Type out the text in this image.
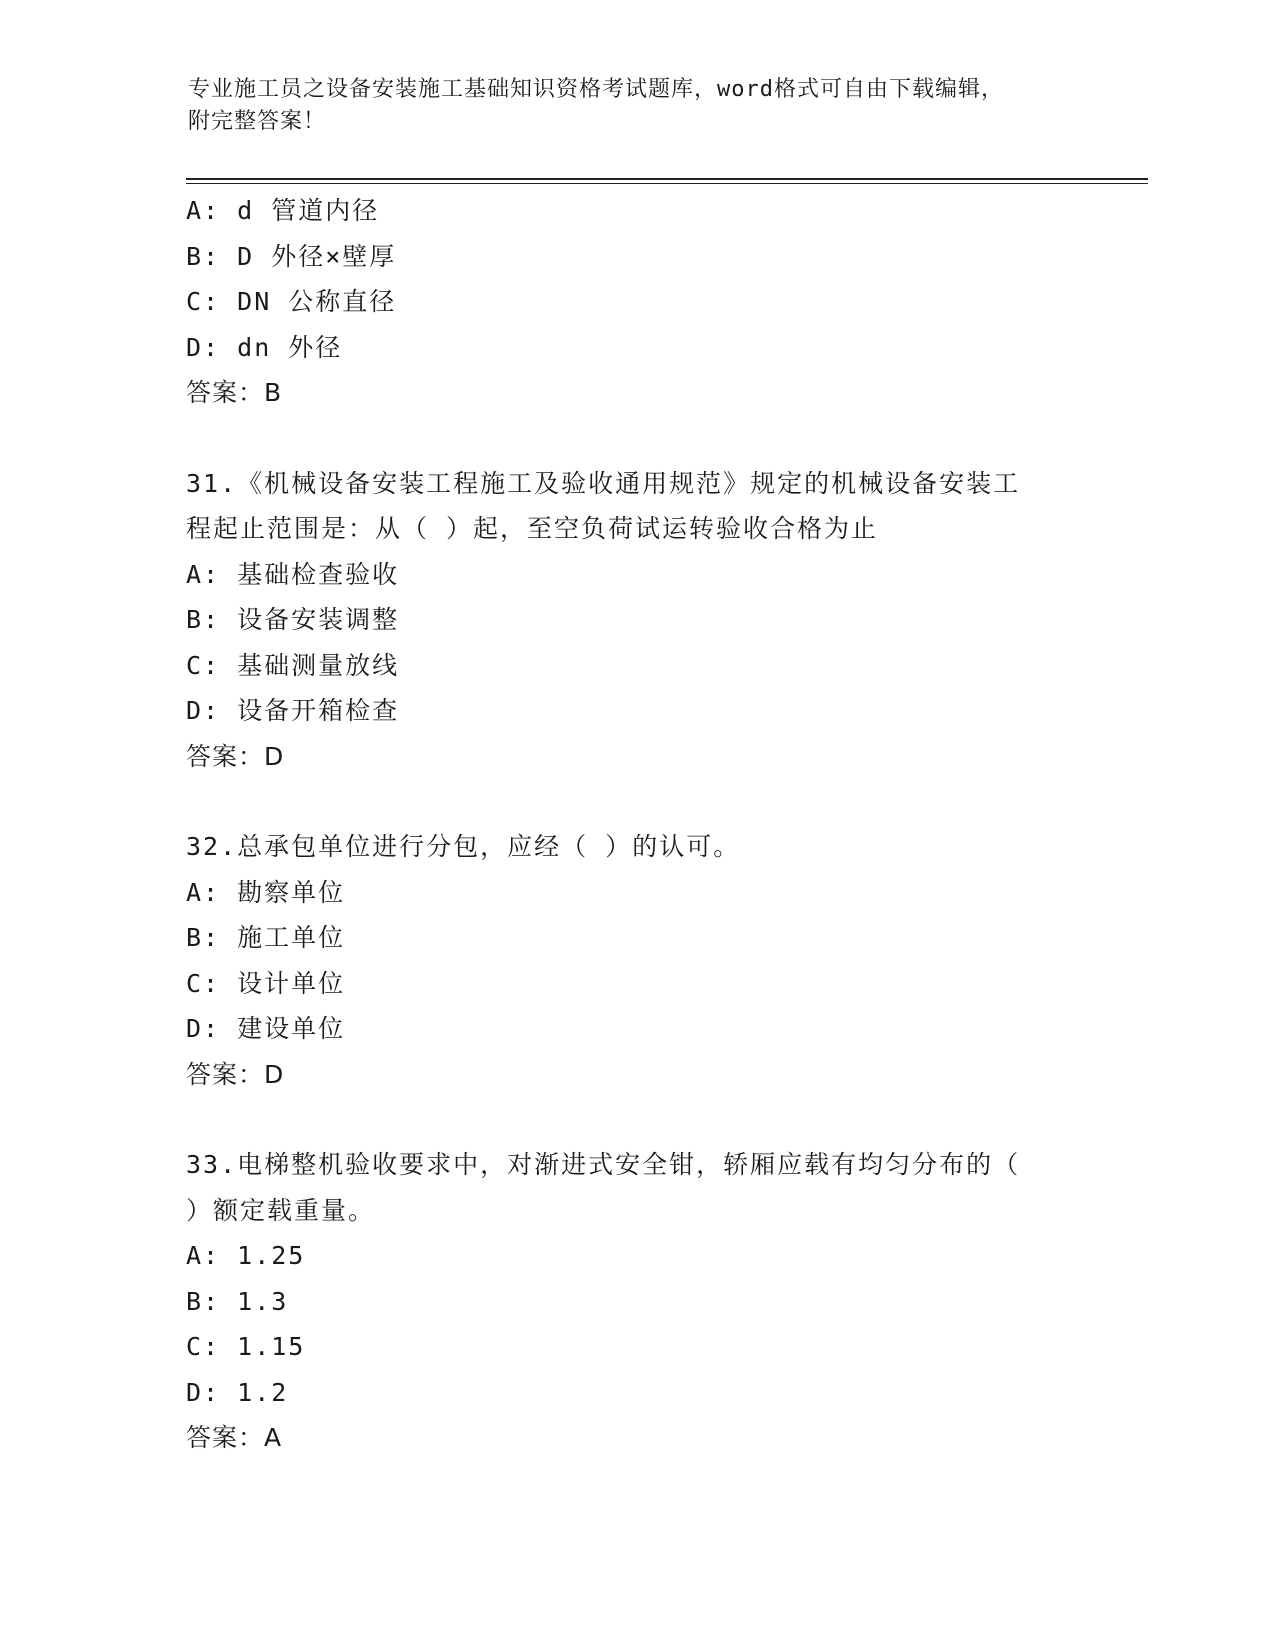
专业施工员之设备安装施工基础知识资格考试题库，word格式可自由下载编辑，
附完整答案！
A: d 管道内径
B: D 外径×壁厚
C: DN 公称直径
D: dn 外径
答案：B
31.《机械设备安装工程施工及验收通用规范》规定的机械设备安装工
程起止范围是：从（ ）起，至空负荷试运转验收合格为止
A: 基础检查验收
B: 设备安装调整
C: 基础测量放线
D: 设备开箱检查
答案：D
32.总承包单位进行分包，应经（ ）的认可。
A: 勘察单位
B: 施工单位
C: 设计单位
D: 建设单位
答案：D
33.电梯整机验收要求中，对渐进式安全钳，轿厢应载有均匀分布的（
）额定载重量。
A: 1.25
B: 1.3
C: 1.15
D: 1.2
答案：A
